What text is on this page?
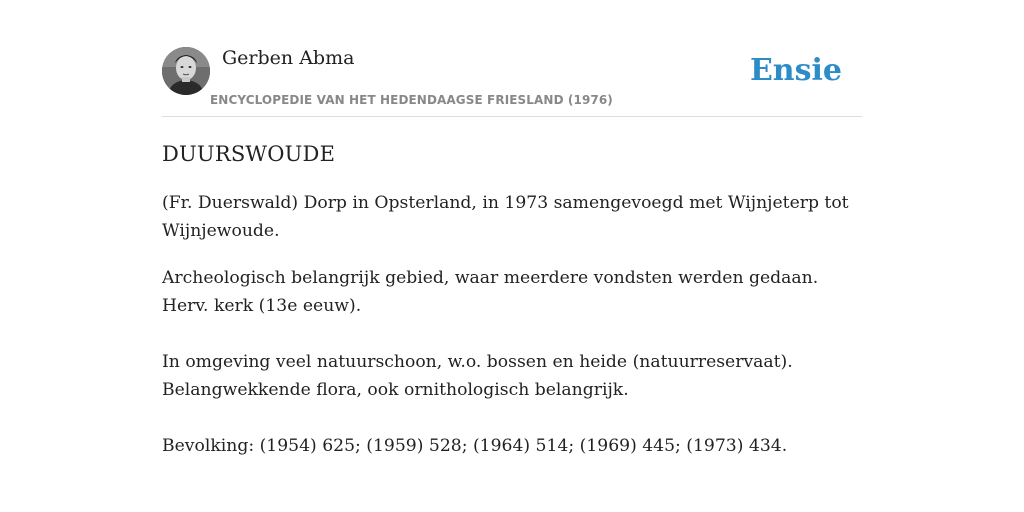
Gerben Abma
ENCYCLOPEDIE VAN HET HEDENDAAGSE FRIESLAND (1976)
Ensie
DUURSWOUDE

(Fr. Duerswald) Dorp in Opsterland, in 1973 samengevoegd met Wijnjeterp tot Wijnjewoude.

Archeologisch belangrijk gebied, waar meerdere vondsten werden gedaan. Herv. kerk (13e eeuw).

In omgeving veel natuurschoon, w.o. bossen en heide (natuurreservaat). Belangwekkende flora, ook ornithologisch belangrijk.

Bevolking: (1954) 625; (1959) 528; (1964) 514; (1969) 445; (1973) 434.
